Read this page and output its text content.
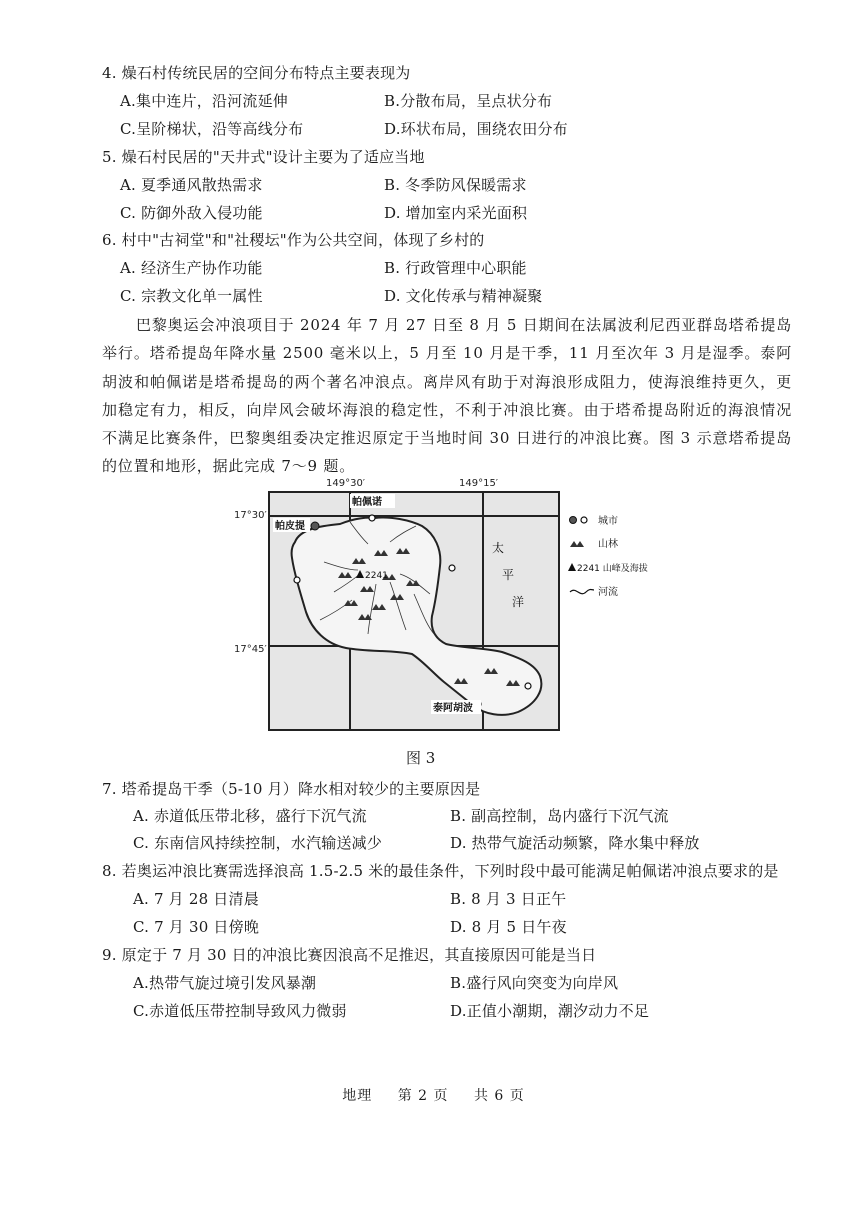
4. 燥石村传统民居的空间分布特点主要表现为
A.集中连片，沿河流延伸	B.分散布局，呈点状分布
C.呈阶梯状，沿等高线分布	D.环状布局，围绕农田分布
5. 燥石村民居的"天井式"设计主要为了适应当地
A. 夏季通风散热需求	B. 冬季防风保暖需求
C. 防御外敌入侵功能	D. 增加室内采光面积
6. 村中"古祠堂"和"社稷坛"作为公共空间，体现了乡村的
A. 经济生产协作功能	B. 行政管理中心职能
C. 宗教文化单一属性	D. 文化传承与精神凝聚
巴黎奥运会冲浪项目于 2024 年 7 月 27 日至 8 月 5 日期间在法属波利尼西亚群岛塔希提岛举行。塔希提岛年降水量 2500 毫米以上，5 月至 10 月是干季，11 月至次年 3 月是湿季。泰阿胡波和帕佩诺是塔希提岛的两个著名冲浪点。离岸风有助于对海浪形成阻力，使海浪维持更久，更加稳定有力，相反，向岸风会破坏海浪的稳定性，不利于冲浪比赛。由于塔希提岛附近的海浪情况不满足比赛条件，巴黎奥组委决定推迟原定于当地时间 30 日进行的冲浪比赛。图 3 示意塔希提岛的位置和地形，据此完成 7～9 题。
149°30′	149°15′
17°30′
17°45′
2241
帕佩诺
帕皮提
泰阿胡波
太
平
洋
城市
山林
2241 山峰及海拔
河流
图 3
7. 塔希提岛干季（5-10 月）降水相对较少的主要原因是
A. 赤道低压带北移，盛行下沉气流	B. 副高控制，岛内盛行下沉气流
C. 东南信风持续控制，水汽输送减少	D. 热带气旋活动频繁，降水集中释放
8. 若奥运冲浪比赛需选择浪高 1.5-2.5 米的最佳条件，下列时段中最可能满足帕佩诺冲浪点要求的是
A. 7 月 28 日清晨	B. 8 月 3 日正午
C. 7 月 30 日傍晚	D. 8 月 5 日午夜
9. 原定于 7 月 30 日的冲浪比赛因浪高不足推迟，其直接原因可能是当日
A.热带气旋过境引发风暴潮	B.盛行风向突变为向岸风
C.赤道低压带控制导致风力微弱	D.正值小潮期，潮汐动力不足
地理 第 2 页 共 6 页
